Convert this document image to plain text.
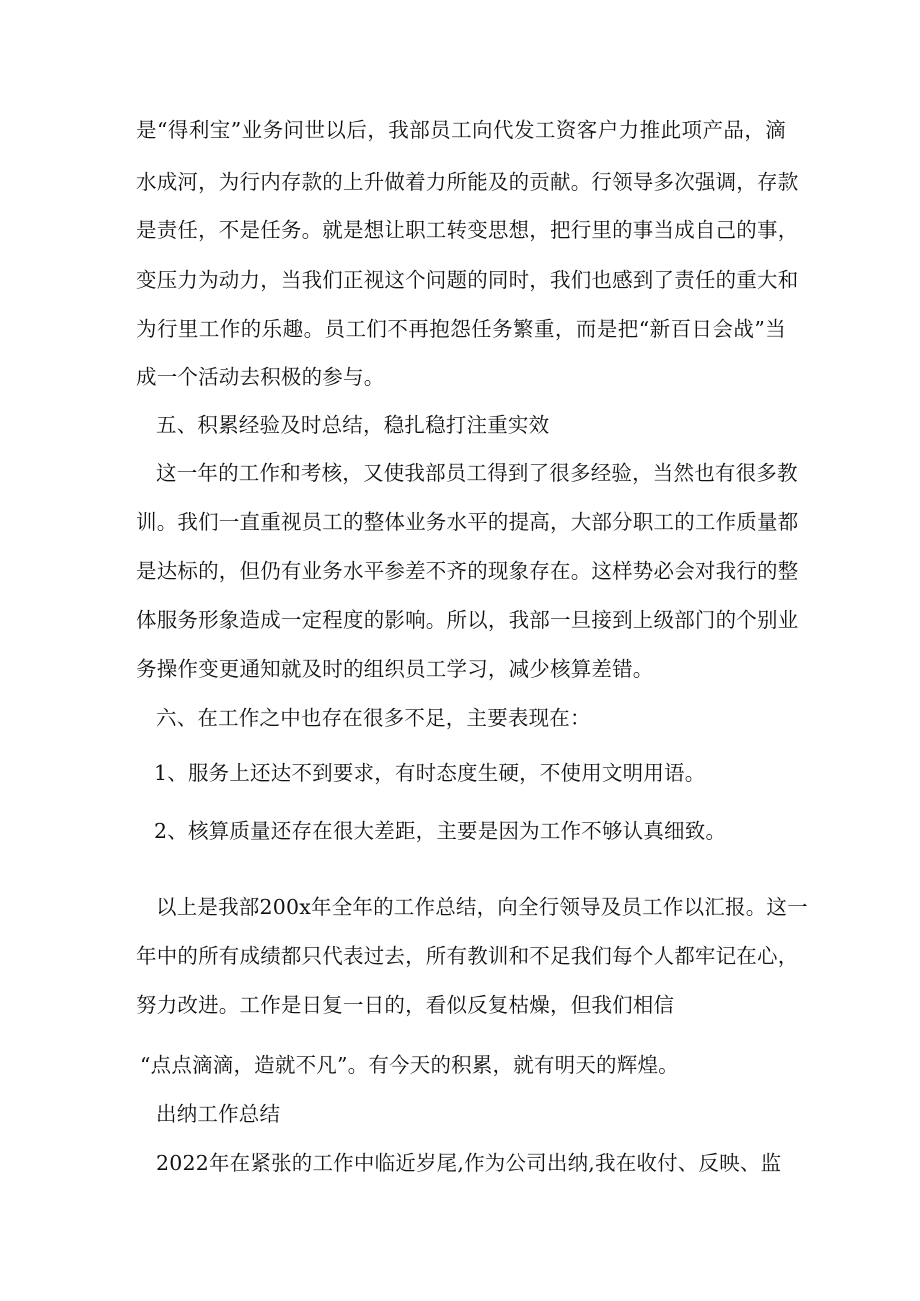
是“得利宝”业务问世以后，我部员工向代发工资客户力推此项产品，滴
水成河，为行内存款的上升做着力所能及的贡献。行领导多次强调，存款
是责任，不是任务。就是想让职工转变思想，把行里的事当成自己的事，
变压力为动力，当我们正视这个问题的同时，我们也感到了责任的重大和
为行里工作的乐趣。员工们不再抱怨任务繁重，而是把“新百日会战”当
成一个活动去积极的参与。
五、积累经验及时总结，稳扎稳打注重实效
这一年的工作和考核，又使我部员工得到了很多经验，当然也有很多教
训。我们一直重视员工的整体业务水平的提高，大部分职工的工作质量都
是达标的，但仍有业务水平参差不齐的现象存在。这样势必会对我行的整
体服务形象造成一定程度的影响。所以，我部一旦接到上级部门的个别业
务操作变更通知就及时的组织员工学习，减少核算差错。
六、在工作之中也存在很多不足，主要表现在：
1、服务上还达不到要求，有时态度生硬，不使用文明用语。
2、核算质量还存在很大差距，主要是因为工作不够认真细致。
以上是我部200x年全年的工作总结，向全行领导及员工作以汇报。这一
年中的所有成绩都只代表过去，所有教训和不足我们每个人都牢记在心，
努力改进。工作是日复一日的，看似反复枯燥，但我们相信
“点点滴滴，造就不凡”。有今天的积累，就有明天的辉煌。
出纳工作总结
2022年在紧张的工作中临近岁尾,作为公司出纳,我在收付、反映、监
